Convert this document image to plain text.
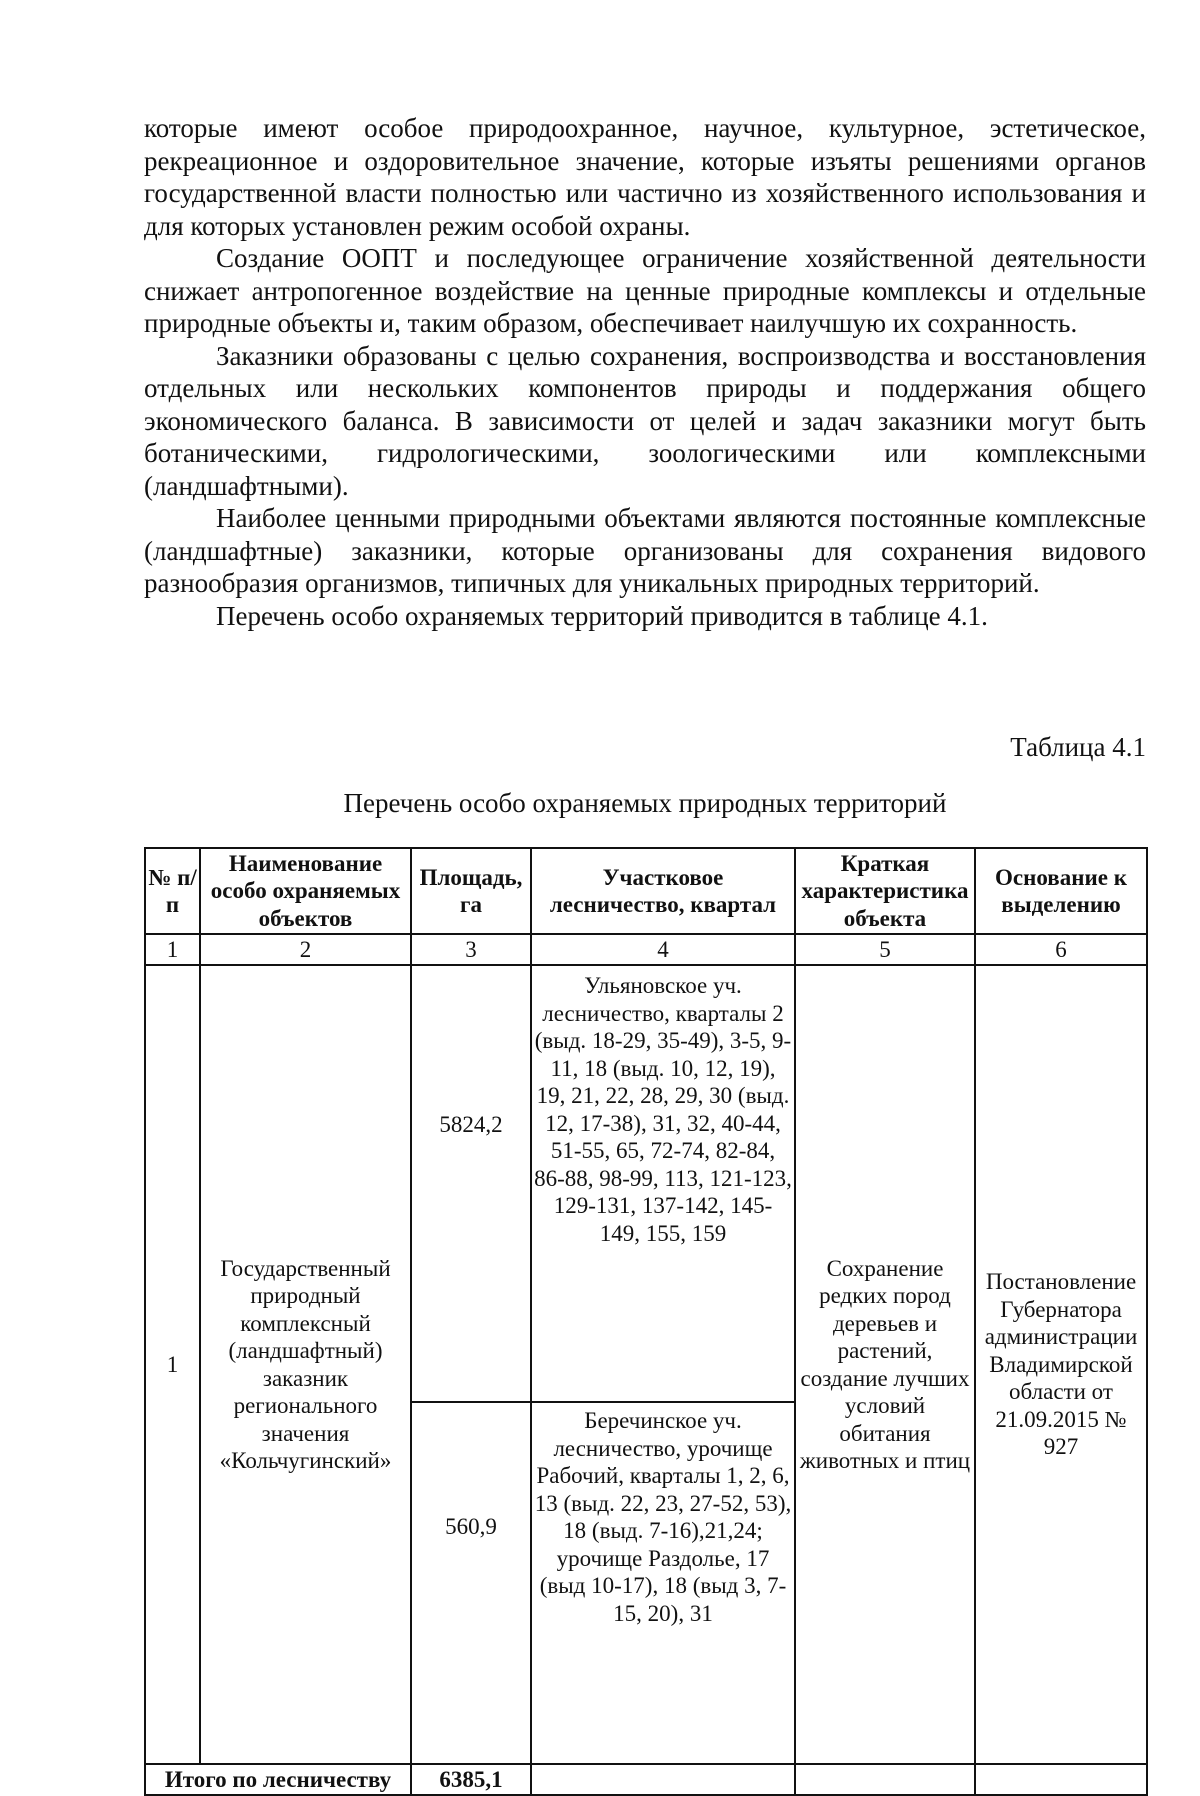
которые имеют особое природоохранное, научное, культурное, эстетическое, рекреационное и оздоровительное значение, которые изъяты решениями органов государственной власти полностью или частично из хозяйственного использования и для которых установлен режим особой охраны.

Создание ООПТ и последующее ограничение хозяйственной деятельности снижает антропогенное воздействие на ценные природные комплексы и отдельные природные объекты и, таким образом, обеспечивает наилучшую их сохранность.

Заказники образованы с целью сохранения, воспроизводства и восстановления отдельных или нескольких компонентов природы и поддержания общего экономического баланса. В зависимости от целей и задач заказники могут быть ботаническими, гидрологическими, зоологическими или комплексными (ландшафтными).

Наиболее ценными природными объектами являются постоянные комплексные (ландшафтные) заказники, которые организованы для сохранения видового разнообразия организмов, типичных для уникальных природных территорий.

Перечень особо охраняемых территорий приводится в таблице 4.1.

Таблица 4.1
Перечень особо охраняемых природных территорий
№ п/п	Наименование особо охраняемых объектов	Площадь, га	Участковое лесничество, квартал	Краткая характеристика объекта	Основание к выделению
1	2	3	4	5	6
1	Государственный природный комплексный (ландшафтный) заказник регионального значения «Кольчугинский»	5824,2	Ульяновское уч. лесничество, кварталы 2 (выд. 18-29, 35-49), 3-5, 9-11, 18 (выд. 10, 12, 19), 19, 21, 22, 28, 29, 30 (выд. 12, 17-38), 31, 32, 40-44, 51-55, 65, 72-74, 82-84, 86-88, 98-99, 113, 121-123, 129-131, 137-142, 145-149, 155, 159	Сохранение редких пород деревьев и растений, создание лучших условий обитания животных и птиц	Постановление Губернатора администрации Владимирской области от 21.09.2015 № 927
		560,9	Беречинское уч. лесничество, урочище Рабочий, кварталы 1, 2, 6, 13 (выд. 22, 23, 27-52, 53), 18 (выд. 7-16),21,24; урочище Раздолье, 17 (выд 10-17), 18 (выд 3, 7-15, 20), 31		
Итого по лесничеству		6385,1			
